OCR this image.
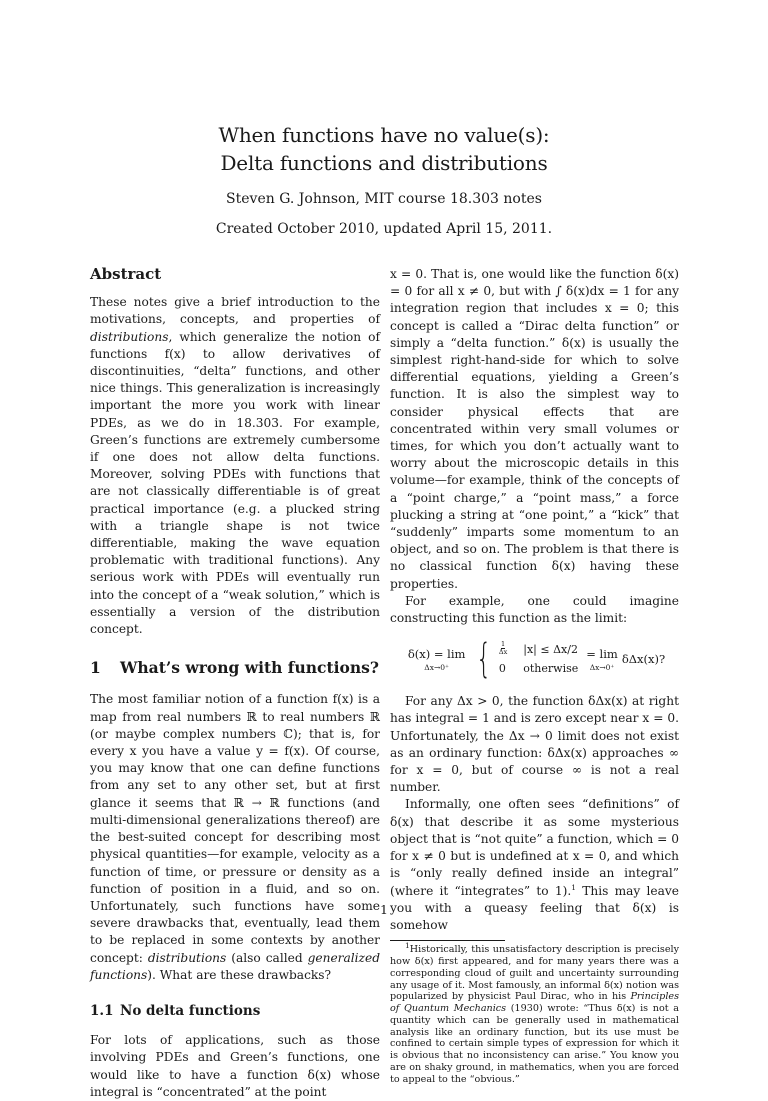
When functions have no value(s):
Delta functions and distributions
Steven G. Johnson, MIT course 18.303 notes
Created October 2010, updated April 15, 2011.
Abstract

These notes give a brief introduction to the motivations, concepts, and properties of distributions, which generalize the notion of functions f(x) to allow derivatives of discontinuities, “delta” functions, and other nice things. This generalization is increasingly important the more you work with linear PDEs, as we do in 18.303. For example, Green’s functions are extremely cumbersome if one does not allow delta functions. Moreover, solving PDEs with functions that are not classically differentiable is of great practical importance (e.g. a plucked string with a triangle shape is not twice differentiable, making the wave equation problematic with traditional functions). Any serious work with PDEs will eventually run into the concept of a “weak solution,” which is essentially a version of the distribution concept.

1 What’s wrong with functions?

The most familiar notion of a function f(x) is a map from real numbers ℝ to real numbers ℝ (or maybe complex numbers ℂ); that is, for every x you have a value y = f(x). Of course, you may know that one can define functions from any set to any other set, but at first glance it seems that ℝ → ℝ functions (and multi-dimensional generalizations thereof) are the best-suited concept for describing most physical quantities—for example, velocity as a function of time, or pressure or density as a function of position in a fluid, and so on. Unfortunately, such functions have some severe drawbacks that, eventually, lead them to be replaced in some contexts by another concept: distributions (also called generalized functions). What are these drawbacks?

1.1 No delta functions

For lots of applications, such as those involving PDEs and Green’s functions, one would like to have a function δ(x) whose integral is “concentrated” at the point

x = 0. That is, one would like the function δ(x) = 0 for all x ≠ 0, but with ∫ δ(x)dx = 1 for any integration region that includes x = 0; this concept is called a “Dirac delta function” or simply a “delta function.” δ(x) is usually the simplest right-hand-side for which to solve differential equations, yielding a Green’s function. It is also the simplest way to consider physical effects that are concentrated within very small volumes or times, for which you don’t actually want to worry about the microscopic details in this volume—for example, think of the concepts of a “point charge,” a “point mass,” a force plucking a string at “one point,” a “kick” that “suddenly” imparts some momentum to an object, and so on. The problem is that there is no classical function δ(x) having these properties.

For example, one could imagine constructing this function as the limit:

δ(x) = lim
Δx→0⁺ { $\frac{1}{\Delta x} |x| \le \Delta x/2$
0 otherwise
= lim
Δx→0⁺
δΔx(x)?

For any Δx > 0, the function δΔx(x) at right has integral = 1 and is zero except near x = 0. Unfortunately, the Δx → 0 limit does not exist as an ordinary function: δΔx(x) approaches ∞ for x = 0, but of course ∞ is not a real number.

Informally, one often sees “definitions” of δ(x) that describe it as some mysterious object that is “not quite” a function, which = 0 for x ≠ 0 but is undefined at x = 0, and which is “only really defined inside an integral” (where it “integrates” to 1).$^1$ This may leave you with a queasy feeling that δ(x) is somehow

$^1$Historically, this unsatisfactory description is precisely how δ(x) first appeared, and for many years there was a corresponding cloud of guilt and uncertainty surrounding any usage of it. Most famously, an informal δ(x) notion was popularized by physicist Paul Dirac, who in his Principles of Quantum Mechanics (1930) wrote: “Thus δ(x) is not a quantity which can be generally used in mathematical analysis like an ordinary function, but its use must be confined to certain simple types of expression for which it is obvious that no inconsistency can arise.” You know you are on shaky ground, in mathematics, when you are forced to appeal to the “obvious.”

1
